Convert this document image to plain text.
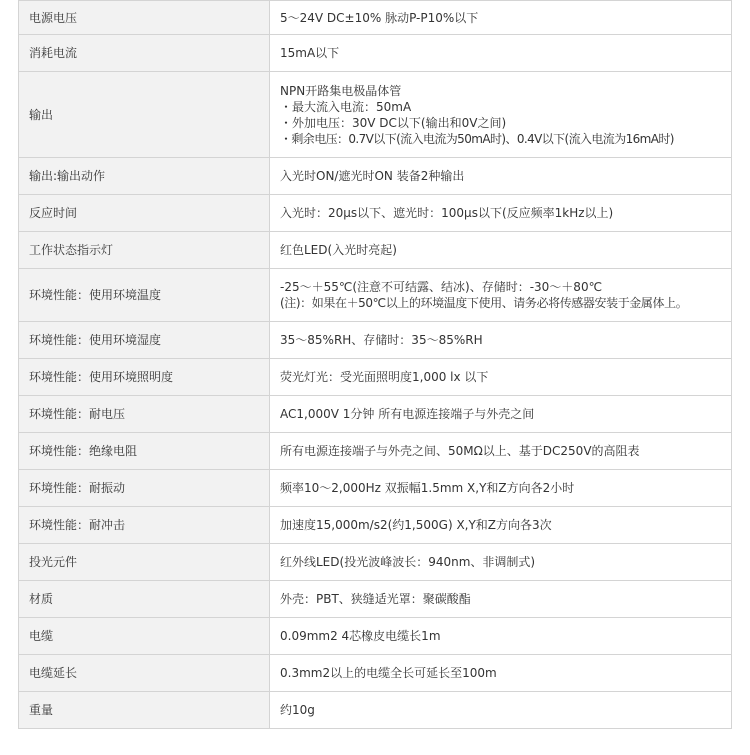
电源电压	5～24V DC±10% 脉动P-P10%以下

消耗电流	15mA以下

输出	NPN开路集电极晶体管
・最大流入电流：50mA
・外加电压：30V DC以下(输出和0V之间)
・剩余电压：0.7V以下(流入电流为50mA时)、0.4V以下(流入电流为16mA时)

输出:输出动作	入光时ON/遮光时ON 装备2种输出

反应时间	入光时：20μs以下、遮光时：100μs以下(反应频率1kHz以上)

工作状态指示灯	红色LED(入光时亮起)

环境性能：使用环境温度	-25～＋55℃(注意不可结露、结冰)、存储时：-30～＋80℃
(注)：如果在＋50℃以上的环境温度下使用、请务必将传感器安装于金属体上。

环境性能：使用环境湿度	35～85%RH、存储时：35～85%RH

环境性能：使用环境照明度	荧光灯光：受光面照明度1,000 lx 以下

环境性能：耐电压	AC1,000V 1分钟 所有电源连接端子与外壳之间

环境性能：绝缘电阻	所有电源连接端子与外壳之间、50MΩ以上、基于DC250V的高阻表

环境性能：耐振动	频率10～2,000Hz 双振幅1.5mm X,Y和Z方向各2小时

环境性能：耐冲击	加速度15,000m/s2(约1,500G) X,Y和Z方向各3次

投光元件	红外线LED(投光波峰波长：940nm、非调制式)

材质	外壳：PBT、狭缝适光罩：聚碳酸酯

电缆	0.09mm2 4芯橡皮电缆长1m

电缆延长	0.3mm2以上的电缆全长可延长至100m

重量	约10g
